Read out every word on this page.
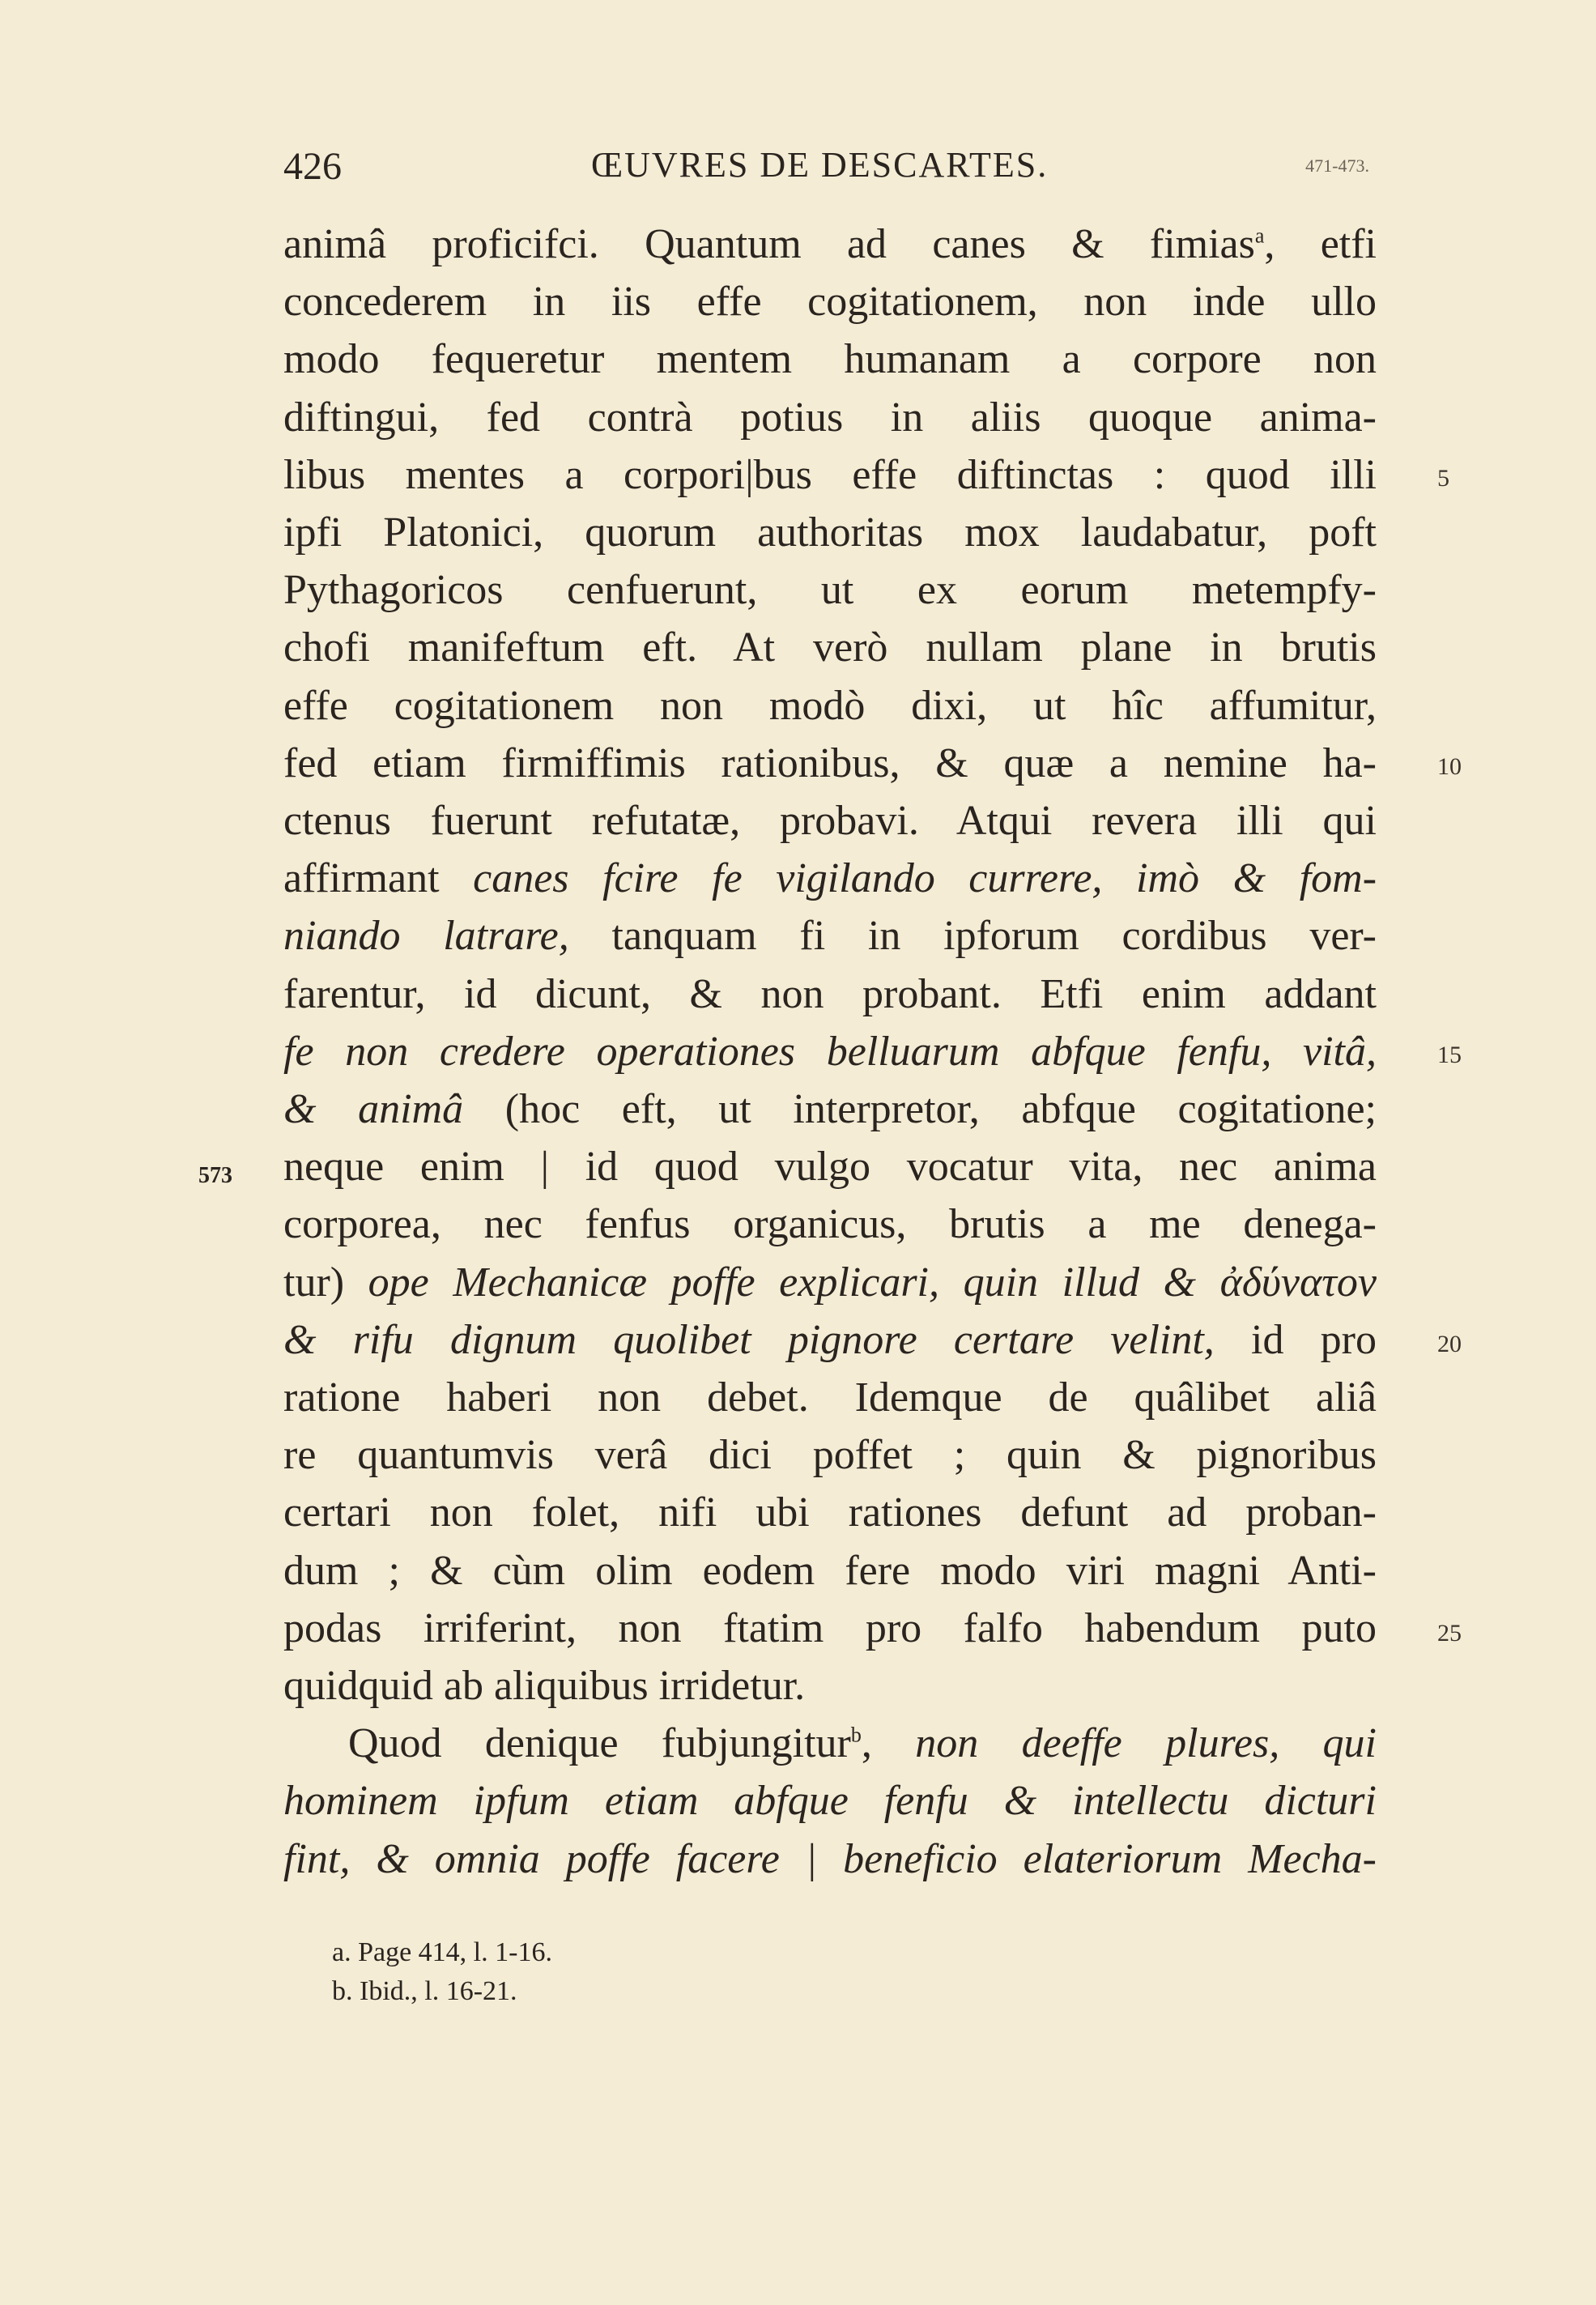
426	ŒUVRES DE DESCARTES.	471-473.
animâ proficifci. Quantum ad canes & fimias$^a$, etfi
concederem in iis effe cogitationem, non inde ullo
modo fequeretur mentem humanam a corpore non
diftingui, fed contrà potius in aliis quoque anima-
libus mentes a corpori|bus effe diftinctas : quod illi
ipfi Platonici, quorum authoritas mox laudabatur, poft
Pythagoricos cenfuerunt, ut ex eorum metempfy-
chofi manifeftum eft. At verò nullam plane in brutis
effe cogitationem non modò dixi, ut hîc affumitur,
fed etiam firmiffimis rationibus, & quæ a nemine ha-
ctenus fuerunt refutatæ, probavi. Atqui revera illi qui
affirmant canes fcire fe vigilando currere, imò & fom-
niando latrare, tanquam fi in ipforum cordibus ver-
farentur, id dicunt, & non probant. Etfi enim addant
fe non credere operationes belluarum abfque fenfu, vitâ,
& animâ (hoc eft, ut interpretor, abfque cogitatione;
neque enim | id quod vulgo vocatur vita, nec anima
corporea, nec fenfus organicus, brutis a me denega-
tur) ope Mechanicæ poffe explicari, quin illud & ἀδύνατον
& rifu dignum quolibet pignore certare velint, id pro
ratione haberi non debet. Idemque de quâlibet aliâ
re quantumvis verâ dici poffet ; quin & pignoribus
certari non folet, nifi ubi rationes defunt ad proban-
dum ; & cùm olim eodem fere modo viri magni Anti-
podas irriferint, non ftatim pro falfo habendum puto
quidquid ab aliquibus irridetur.
Quod denique fubjungitur$^b$, non deeffe plures, qui
hominem ipfum etiam abfque fenfu & intellectu dicturi
fint, & omnia poffe facere | beneficio elateriorum Mecha-
5
10
15
20
25
573
a. Page 414, l. 1-16.
b. Ibid., l. 16-21.
